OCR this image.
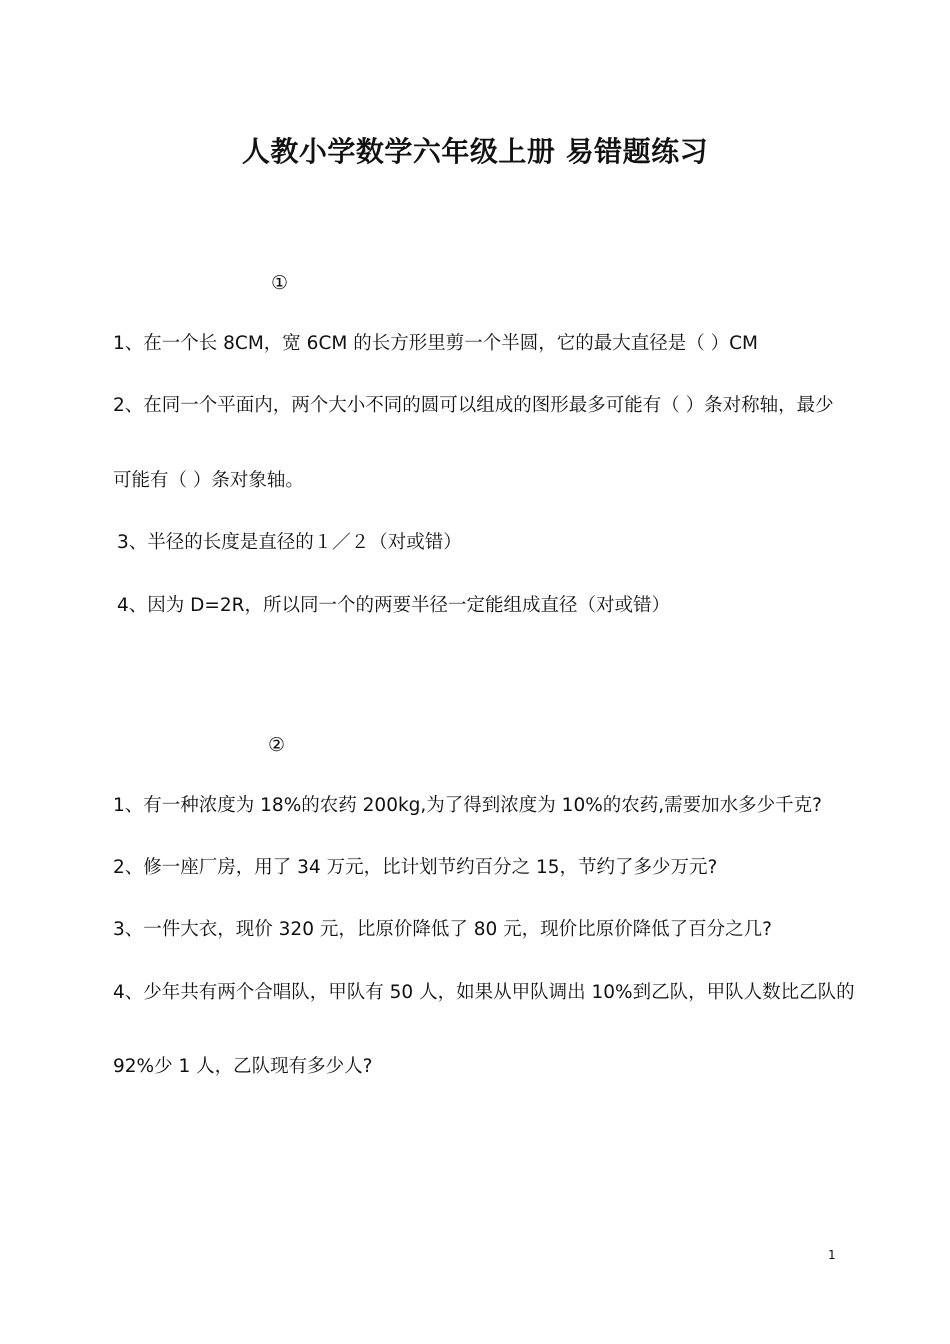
人教小学数学六年级上册 易错题练习
①
1、在一个长 8CM，宽 6CM 的长方形里剪一个半圆，它的最大直径是（ ）CM
2、在同一个平面内，两个大小不同的圆可以组成的图形最多可能有（ ）条对称轴，最少
可能有（ ）条对象轴。
3、半径的长度是直径的１／２（对或错）
4、因为 D=2R，所以同一个的两要半径一定能组成直径（对或错）
②
1、有一种浓度为 18%的农药 200kg,为了得到浓度为 10%的农药,需要加水多少千克?
2、修一座厂房，用了 34 万元，比计划节约百分之 15，节约了多少万元?
3、一件大衣，现价 320 元，比原价降低了 80 元，现价比原价降低了百分之几?
4、少年共有两个合唱队，甲队有 50 人，如果从甲队调出 10%到乙队，甲队人数比乙队的
92%少 1 人，乙队现有多少人?
1
